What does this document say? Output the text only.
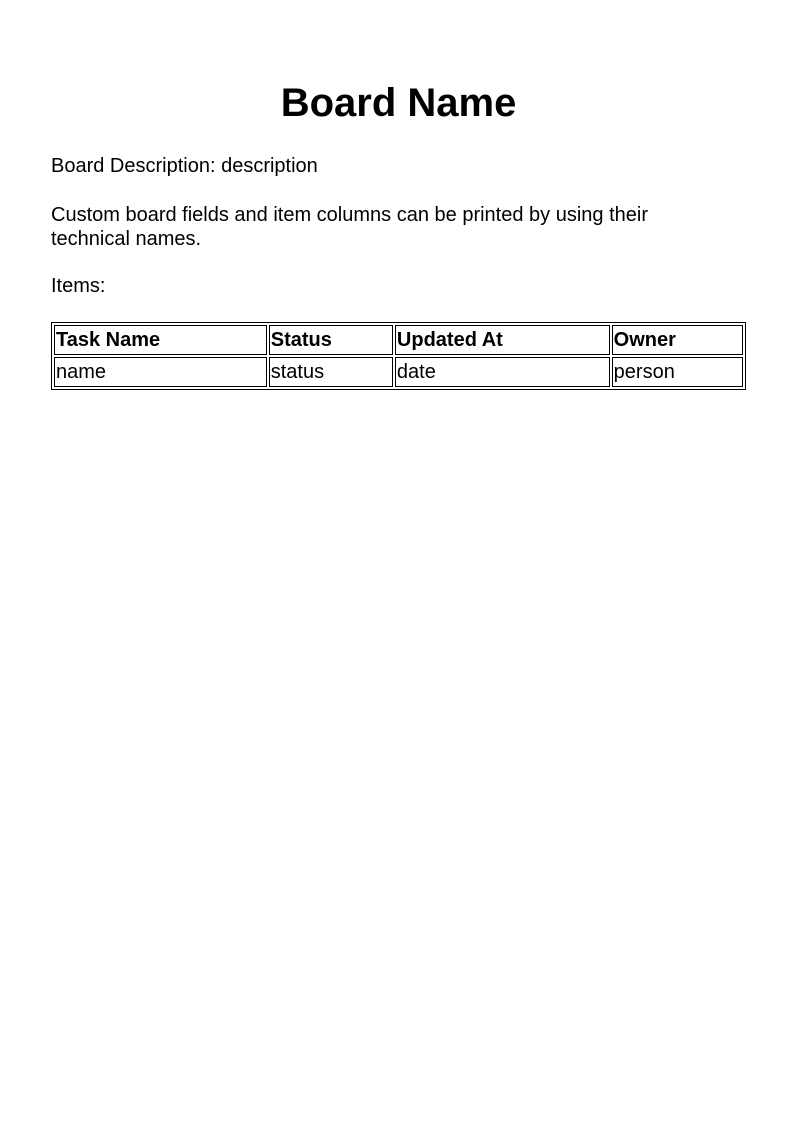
Board Name

Board Description: description

Custom board fields and item columns can be printed by using their technical names.

Items:

Task Name	Status	Updated At	Owner
name	status	date	person
